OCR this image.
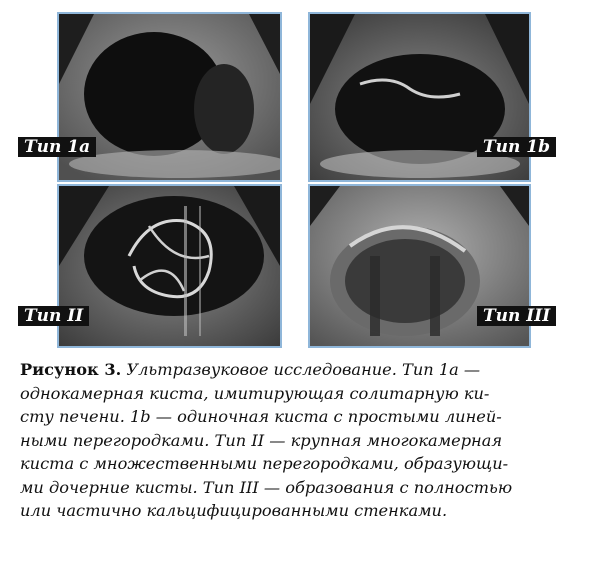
Тип 1a	Тип 1b
Тип II	Тип III
Рисунок 3. Ультразвуковое исследование. Тип 1a —
однокамерная киста, имитирующая солитарную ки-
сту печени. 1b — одиночная киста с простыми линей-
ными перегородками. Тип II — крупная многокамерная
киста с множественными перегородками, образующи-
ми дочерние кисты. Тип III — образования с полностью
или частично кальцифицированными стенками.
